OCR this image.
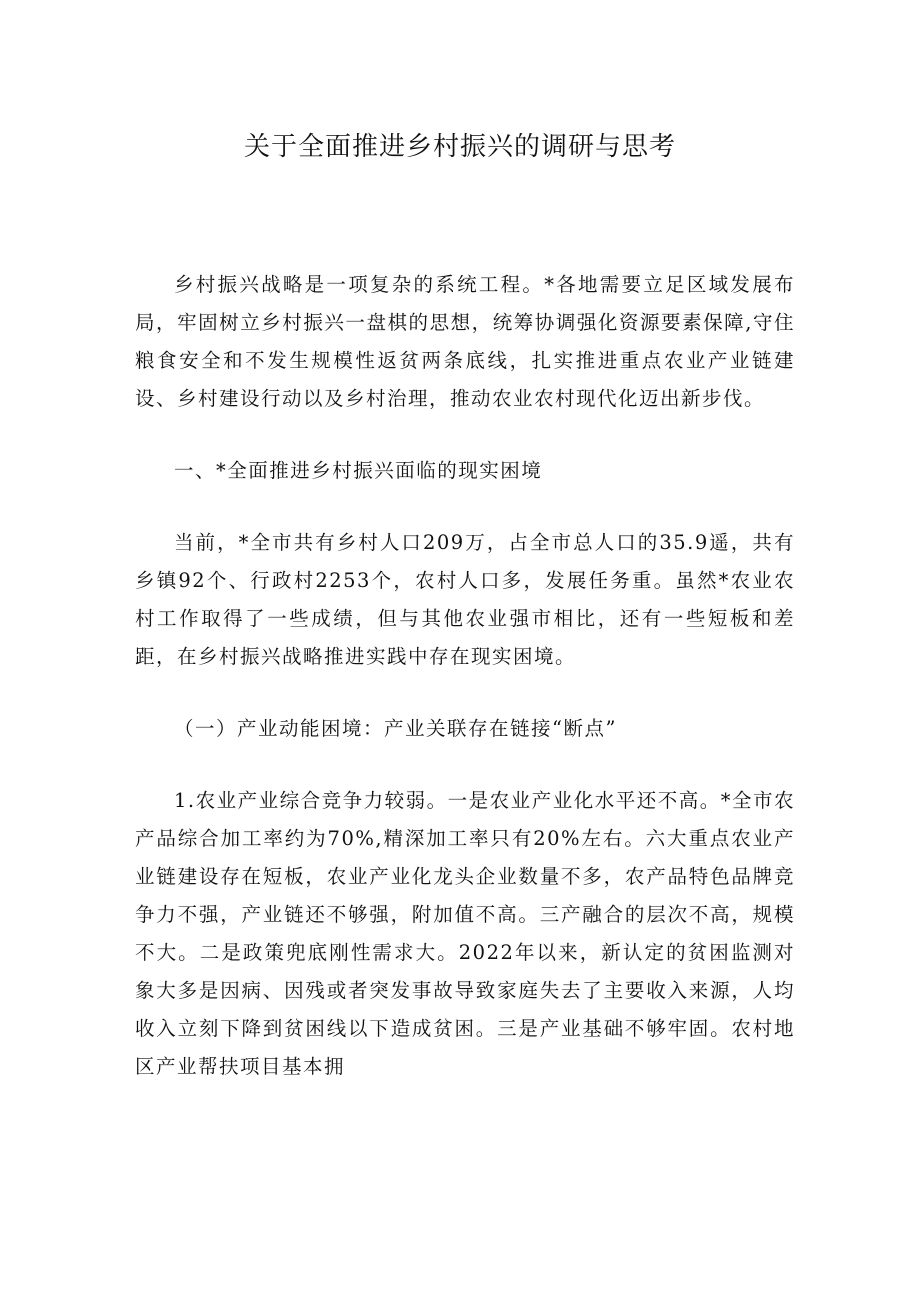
关于全面推进乡村振兴的调研与思考

乡村振兴战略是一项复杂的系统工程。*各地需要立足区域发展布局，牢固树立乡村振兴一盘棋的思想，统筹协调强化资源要素保障,守住粮食安全和不发生规模性返贫两条底线，扎实推进重点农业产业链建设、乡村建设行动以及乡村治理，推动农业农村现代化迈出新步伐。

一、*全面推进乡村振兴面临的现实困境

当前，*全市共有乡村人口209万，占全市总人口的35.9遥，共有乡镇92个、行政村2253个，农村人口多，发展任务重。虽然*农业农村工作取得了一些成绩，但与其他农业强市相比，还有一些短板和差距，在乡村振兴战略推进实践中存在现实困境。

（一）产业动能困境：产业关联存在链接“断点”

1.农业产业综合竞争力较弱。一是农业产业化水平还不高。*全市农产品综合加工率约为70%,精深加工率只有20%左右。六大重点农业产业链建设存在短板，农业产业化龙头企业数量不多，农产品特色品牌竞争力不强，产业链还不够强，附加值不高。三产融合的层次不高，规模不大。二是政策兜底刚性需求大。2022年以来，新认定的贫困监测对象大多是因病、因残或者突发事故导致家庭失去了主要收入来源，人均收入立刻下降到贫困线以下造成贫困。三是产业基础不够牢固。农村地区产业帮扶项目基本拥
